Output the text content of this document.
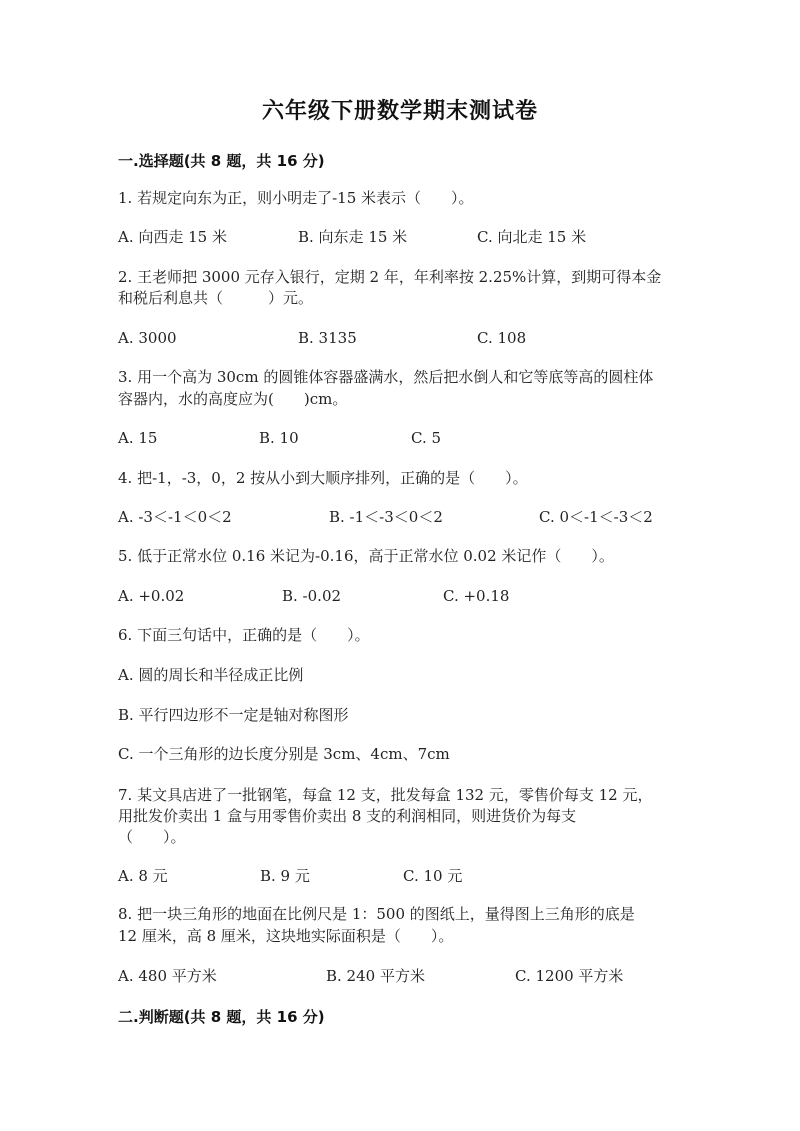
六年级下册数学期末测试卷
一.选择题(共 8 题，共 16 分)
1. 若规定向东为正，则小明走了-15 米表示（　　）。
A. 向西走 15 米	B. 向东走 15 米	C. 向北走 15 米
2. 王老师把 3000 元存入银行，定期 2 年，年利率按 2.25%计算，到期可得本金
和税后利息共（　　　）元。
A. 3000	B. 3135	C. 108
3. 用一个高为 30cm 的圆锥体容器盛满水，然后把水倒人和它等底等高的圆柱体
容器内，水的高度应为(　　)cm。
A. 15	B. 10	C. 5
4. 把-1，-3，0，2 按从小到大顺序排列，正确的是（　　）。
A. -3＜-1＜0＜2	B. -1＜-3＜0＜2	C. 0＜-1＜-3＜2
5. 低于正常水位 0.16 米记为-0.16，高于正常水位 0.02 米记作（　　）。
A. +0.02	B. -0.02	C. +0.18
6. 下面三句话中，正确的是（　　）。
A. 圆的周长和半径成正比例
B. 平行四边形不一定是轴对称图形
C. 一个三角形的边长度分别是 3cm、4cm、7cm
7. 某文具店进了一批钢笔，每盒 12 支，批发每盒 132 元，零售价每支 12 元，
用批发价卖出 1 盒与用零售价卖出 8 支的利润相同，则进货价为每支
（　　）。
A. 8 元	B. 9 元	C. 10 元
8. 把一块三角形的地面在比例尺是 1：500 的图纸上，量得图上三角形的底是
12 厘米，高 8 厘米，这块地实际面积是（　　）。
A. 480 平方米	B. 240 平方米	C. 1200 平方米
二.判断题(共 8 题，共 16 分)
